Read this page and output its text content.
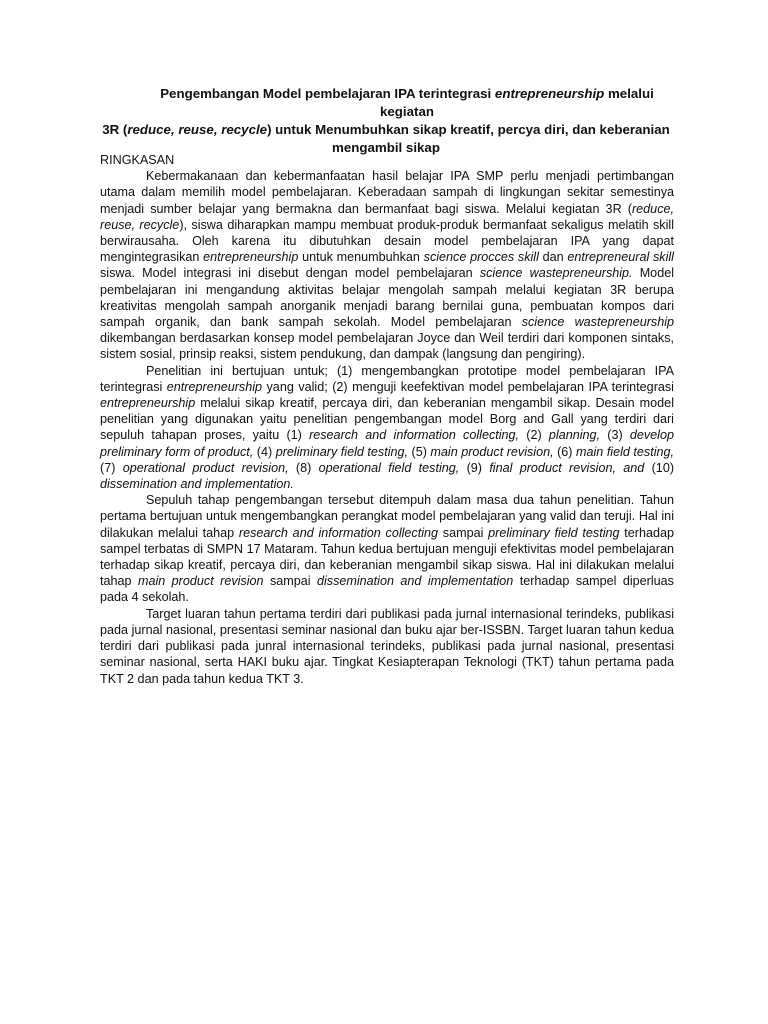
Pengembangan Model pembelajaran IPA terintegrasi entrepreneurship melalui kegiatan
3R (reduce, reuse, recycle) untuk Menumbuhkan sikap kreatif, percya diri, dan keberanian
mengambil sikap

RINGKASAN

Kebermakanaan dan kebermanfaatan hasil belajar IPA SMP perlu menjadi pertimbangan utama dalam memilih model pembelajaran. Keberadaan sampah di lingkungan sekitar semestinya menjadi sumber belajar yang bermakna dan bermanfaat bagi siswa. Melalui kegiatan 3R (reduce, reuse, recycle), siswa diharapkan mampu membuat produk-produk bermanfaat sekaligus melatih skill berwirausaha. Oleh karena itu dibutuhkan desain model pembelajaran IPA yang dapat mengintegrasikan entrepreneurship untuk menumbuhkan science procces skill dan entrepreneural skill siswa. Model integrasi ini disebut dengan model pembelajaran science wastepreneurship. Model pembelajaran ini mengandung aktivitas belajar mengolah sampah melalui kegiatan 3R berupa kreativitas mengolah sampah anorganik menjadi barang bernilai guna, pembuatan kompos dari sampah organik, dan bank sampah sekolah. Model pembelajaran science wastepreneurship dikembangan berdasarkan konsep model pembelajaran Joyce dan Weil terdiri dari komponen sintaks, sistem sosial, prinsip reaksi, sistem pendukung, dan dampak (langsung dan pengiring).

Penelitian ini bertujuan untuk; (1) mengembangkan prototipe model pembelajaran IPA terintegrasi entrepreneurship yang valid; (2) menguji keefektivan model pembelajaran IPA terintegrasi entrepreneurship melalui sikap kreatif, percaya diri, dan keberanian mengambil sikap. Desain model penelitian yang digunakan yaitu penelitian pengembangan model Borg and Gall yang terdiri dari sepuluh tahapan proses, yaitu (1) research and information collecting, (2) planning, (3) develop preliminary form of product, (4) preliminary field testing, (5) main product revision, (6) main field testing, (7) operational product revision, (8) operational field testing, (9) final product revision, and (10) dissemination and implementation.

Sepuluh tahap pengembangan tersebut ditempuh dalam masa dua tahun penelitian. Tahun pertama bertujuan untuk mengembangkan perangkat model pembelajaran yang valid dan teruji. Hal ini dilakukan melalui tahap research and information collecting sampai preliminary field testing terhadap sampel terbatas di SMPN 17 Mataram. Tahun kedua bertujuan menguji efektivitas model pembelajaran terhadap sikap kreatif, percaya diri, dan keberanian mengambil sikap siswa. Hal ini dilakukan melalui tahap main product revision sampai dissemination and implementation terhadap sampel diperluas pada 4 sekolah.

Target luaran tahun pertama terdiri dari publikasi pada jurnal internasional terindeks, publikasi pada jurnal nasional, presentasi seminar nasional dan buku ajar ber-ISSBN. Target luaran tahun kedua terdiri dari publikasi pada junral internasional terindeks, publikasi pada jurnal nasional, presentasi seminar nasional, serta HAKI buku ajar. Tingkat Kesiapterapan Teknologi (TKT) tahun pertama pada TKT 2 dan pada tahun kedua TKT 3.
